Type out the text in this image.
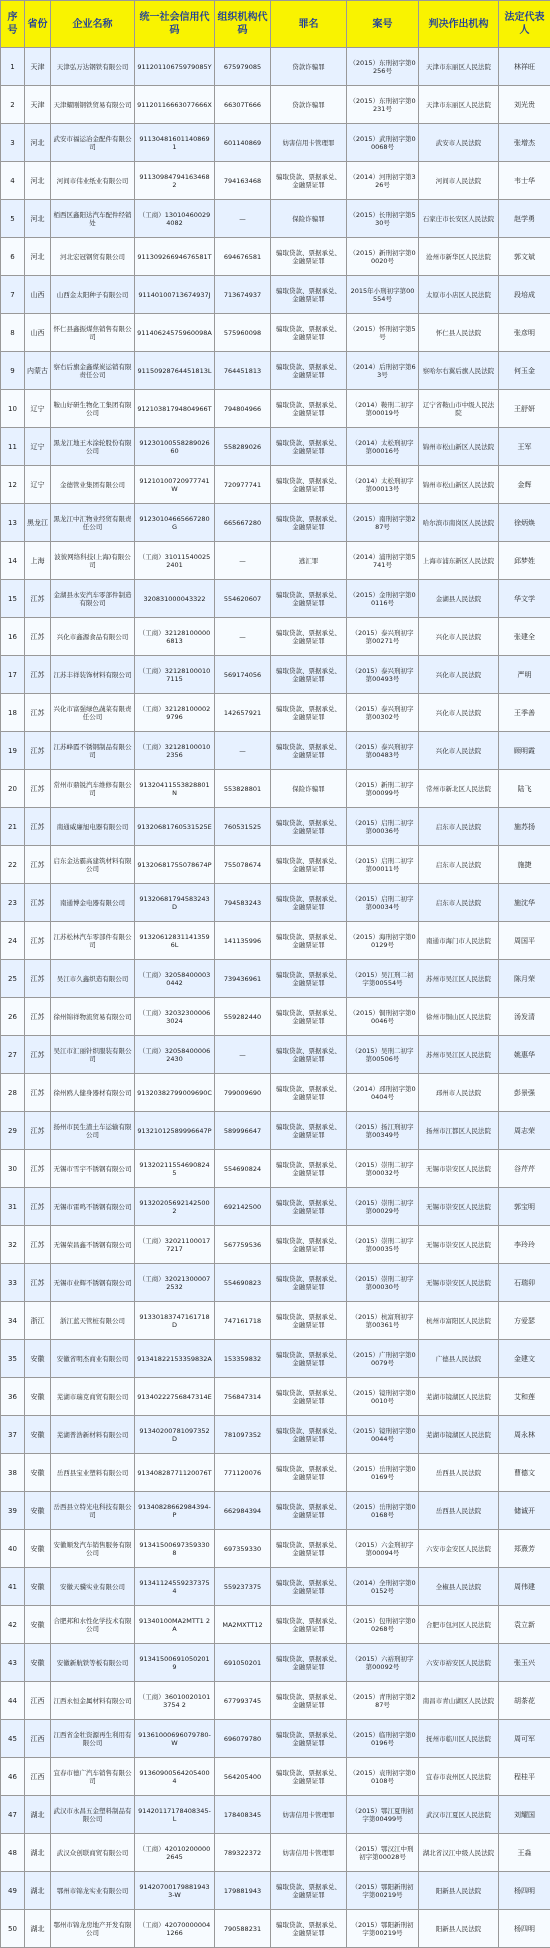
序号	省份	企业名称	统一社会信用代码	组织机构代码	罪名	案号	判决作出机构	法定代表人
1	天津	天津弘万达钢铁有限公司	91120110675979085Y	675979085	贷款诈骗罪	（2015）东刑初字第0256号	天津市东丽区人民法院	林祥旺
2	天津	天津耀刚钢铁贸易有限公司	91120116663077666X	66307T666	贷款诈骗罪	（2015）东刑初字第0231号	天津市东丽区人民法院	刘光贵
3	河北	武安市福运冶金配件有限公司	91130481601140869 1	601140869	妨害信用卡管理罪	（2015）武刑初字第00068号	武安市人民法院	张增杰
4	河北	河间市伟业纸业有限公司	91130984794163468 2	794163468	骗取贷款、票据承兑、金融票证罪	（2014）河刑初字第326号	河间市人民法院	韦士华
5	河北	栢西区鑫阳达汽车配件经销处	（工商）130104600294082	—	保险诈骗罪	（2015）长刑初字第530号	石家庄市长安区人民法院	赵学勇
6	河北	河北宏冠钢贸有限公司	91130926694676581T	694676581	骗取贷款、票据承兑、金融票证罪	（2015）新刑初字第00020号	沧州市新华区人民法院	郭文斌
7	山西	山西金太阳种子有限公司	91140100713674937J	713674937	骗取贷款、票据承兑、金融票证罪	2015年小刑初字第00554号	太原市小店区人民法院	段培成
8	山西	怀仁县鑫振煤焦销售有限公司	91140624575960098A	575960098	骗取贷款、票据承兑、金融票证罪	（2015）怀刑初字第5号	怀仁县人民法院	张彦明
9	内蒙古	察右后旗金鑫煤炭运销有限责任公司	91150928764451813L	764451813	骗取贷款、票据承兑、金融票证罪	（2014）后刑初字第63号	察哈尔右翼后旗人民法院	何玉金
10	辽宁	鞍山好研生物化工集团有限公司	91210381794804966T	794804966	骗取贷款、票据承兑、金融票证罪	（2014）鞍刑二初字第00019号	辽宁省鞍山市中级人民法院	王舒妍
11	辽宁	黑龙江地王木涂轮股份有限公司	91230100558289026 60	558289026	骗取贷款、票据承兑、金融票证罪	（2014）太松刑初字第00016号	锦州市松山新区人民法院	王军
12	辽宁	金德管业集团有限公司	91210100720977741W	720977741	骗取贷款、票据承兑、金融票证罪	（2014）太松刑初字第00013号	锦州市松山新区人民法院	金辉
13	黑龙江	黑龙江中汇物业经贸有限责任公司	91230104665667280G	665667280	骗取贷款、票据承兑、金融票证罪	（2015）南刑初字第287号	哈尔滨市南岗区人民法院	徐炳焕
14	上海	波彼网络科技(上海)有限公司	（工商）310115400252401	—	逃汇罪	（2014）浦刑初字第5741号	上海市浦东新区人民法院	邱梦姓
15	江苏	金湖县永安汽车零部件制造有限公司	320831000043322	554620607	骗取贷款、票据承兑、金融票证罪	（2015）金刑初字第00116号	金湖县人民法院	华文学
16	江苏	兴化市鑫源食品有限公司	（工商）321281000006813	—	骗取贷款、票据承兑、金融票证罪	（2015）泰兴刑初字第00271号	兴化市人民法院	张建全
17	江苏	江苏丰祥装饰材料有限公司	（工商）321281000107115	569174056	骗取贷款、票据承兑、金融票证罪	（2015）泰兴刑初字第00493号	兴化市人民法院	严明
18	江苏	兴化市富强绿色蔬菜有限责任公司	（工商）321281000029796	142657921	骗取贷款、票据承兑、金融票证罪	（2015）泰兴刑初字第00302号	兴化市人民法院	王季善
19	江苏	江苏峰霞不锈钢制品有限公司	（工商）321281000102356	—	骗取贷款、票据承兑、金融票证罪	（2015）泰兴刑初字第00483号	兴化市人民法院	顾明霞
20	江苏	常州市鼎锐汽车维修有限公司	91320411553828801N	553828801	保险诈骗罪	（2015）新刑二初字第00099号	常州市新北区人民法院	陆飞
21	江苏	南通威廉旭电器有限公司	91320681760531525E	760531525	骗取贷款、票据承兑、金融票证罪	（2015）启刑二初字第00036号	启东市人民法院	施苏扬
22	江苏	启东金达霸高建筑材料有限公司	91320681755078674P	755078674	骗取贷款、票据承兑、金融票证罪	（2015）启刑二初字第00011号	启东市人民法院	施捷
23	江苏	南通博金电器有限公司	91320681794583243D	794583243	骗取贷款、票据承兑、金融票证罪	（2015）启刑二初字第00034号	启东市人民法院	施沈华
24	江苏	江苏松林汽车零部件有限公司	91320612831141359 6L	141135996	骗取贷款、票据承兑、金融票证罪	（2015）海刑初字第00129号	南通市海门市人民法院	周国平
25	江苏	吴江市久鑫织造有限公司	（工商）320584000030442	739436961	骗取贷款、票据承兑、金融票证罪	（2015）吴江刑二初字第00554号	苏州市吴江区人民法院	陈月荣
26	江苏	徐州锦祥物流贸易有限公司	（工商）320323000063024	559282440	骗取贷款、票据承兑、金融票证罪	（2015）铜刑初字第00046号	徐州市铜山区人民法院	汤发清
27	江苏	吴江市汇丽针织服装有限公司	（工商）320584000062430	—	骗取贷款、票据承兑、金融票证罪	（2015）吴刑二初字第00506号	苏州市吴江区人民法院	姚惠华
28	江苏	徐州鸥人健身器材有限公司	91320382799009690C	799009690	骗取贷款、票据承兑、金融票证罪	（2014）邳刑初字第00404号	邳州市人民法院	彭景强
29	江苏	扬州市民生渣土车运输有限公司	91321012589996647P	589996647	骗取贷款、票据承兑、金融票证罪	（2015）扬江刑初字第00349号	扬州市江都区人民法院	周志荣
30	江苏	无锡市雪宇不锈钢有限公司	91320211554690824 5	554690824	骗取贷款、票据承兑、金融票证罪	（2015）崇刑二初字第00032号	无锡市崇安区人民法院	谷芹芹
31	江苏	无锡市雷鸣不锈钢有限公司	91320205692142500 2	692142500	骗取贷款、票据承兑、金融票证罪	（2015）崇刑二初字第00029号	无锡市崇安区人民法院	郭宝明
32	江苏	无锡荣昌鑫不锈钢有限公司	（工商）320211000177217	567759536	骗取贷款、票据承兑、金融票证罪	（2015）崇刑二初字第00035号	无锡市崇安区人民法院	李玲玲
33	江苏	无锡市业辉不锈钢有限公司	（工商）320213000072532	554690823	骗取贷款、票据承兑、金融票证罪	（2015）崇刑二初字第00030号	无锡市崇安区人民法院	石瑞卯
34	浙江	浙江蓝天管桩有限公司	91330183747161718D	747161718	骗取贷款、票据承兑、金融票证罪	（2015）杭富刑初字第00361号	杭州市富阳区人民法院	方爱瑟
35	安徽	安徽省明杰商业有限公司	91341822153359832A	153359832	骗取贷款、票据承兑、金融票证罪	（2015）广刑初字第00079号	广德县人民法院	金建文
36	安徽	芜湖市瑞克商贸有限公司	91340222756847314E	756847314	骗取贷款、票据承兑、金融票证罪	（2015）镜刑初字第00010号	芜湖市镜湖区人民法院	艾和莲
37	安徽	芜湖普浩新材料有限公司	91340200781097352D	781097352	骗取贷款、票据承兑、金融票证罪	（2015）镜刑初字第00044号	芜湖市镜湖区人民法院	周永林
38	安徽	岳西县宝业塑料有限公司	91340828771120076T	771120076	骗取贷款、票据承兑、金融票证罪	（2015）岳刑初字第00169号	岳西县人民法院	曹德文
39	安徽	岳西县立特光电科技有限公司	91340828662984394-P	662984394	骗取贷款、票据承兑、金融票证罪	（2015）岳刑初字第00168号	岳西县人民法院	储诚开
40	安徽	安徽顺发汽车销售服务有限公司	91341500697359330 8	697359330	骗取贷款、票据承兑、金融票证罪	（2015）六金刑初字第00094号	六安市金安区人民法院	郑熹芳
41	安徽	安徽天骥实业有限公司	91341124559237375 4	559237375	骗取贷款、票据承兑、金融票证罪	（2014）全刑初字第00152号	全椒县人民法院	周伟建
42	安徽	合肥邦和水性化学技术有限公司	91340100MA2MTT1 2A	MA2MXTT12	骗取贷款、票据承兑、金融票证罪	（2015）包刑初字第00268号	合肥市包河区人民法院	袁立新
43	安徽	安徽新航铁等板有限公司	91341500691050201 9	691050201	骗取贷款、票据承兑、金融票证罪	（2015）六裕刑初字第00092号	六安市裕安区人民法院	张玉兴
44	江西	江西永恒金属材料有限公司	（工商）360100201013754 2	677993745	骗取贷款、票据承兑、金融票证罪	（2015）青刑初字第287号	南昌市青山湖区人民法院	胡茶花
45	江西	江西省金牡资源再生利用有限公司	91361000696079780-W	696079780	骗取贷款、票据承兑、金融票证罪	（2015）临刑初字第00196号	抚州市临川区人民法院	周可军
46	江西	宜春市德广汽车销售有限公司	91360900564205400 4	564205400	骗取贷款、票据承兑、金融票证罪	（2015）袁刑初字第00108号	宜春市袁州区人民法院	程桂平
47	湖北	武汉市永昌五金塑料制品有限公司	91420117178408345-L	178408345	妨害信用卡管理罪	（2015）鄂江夏刑初字第00499号	武汉市江夏区人民法院	刘耀国
48	湖北	武汉众创联商贸有限公司	（工商）420102000002645	789322372	妨害信用卡管理罪	（2015）鄂汉江中刑初字第00028号	湖北省汉江中级人民法院	王淼
49	湖北	鄂州市锦龙实业有限公司	91420700179881943 3-W	179881943	骗取贷款、票据承兑、金融票证罪	（2015）鄂阳新刑初字第00219号	阳新县人民法院	杨四明
50	湖北	鄂州市锦龙房地产开发有限公司	（工商）420700000041266	790588231	骗取贷款、票据承兑、金融票证罪	（2015）鄂阳新刑初字第00219号	阳新县人民法院	杨四明
